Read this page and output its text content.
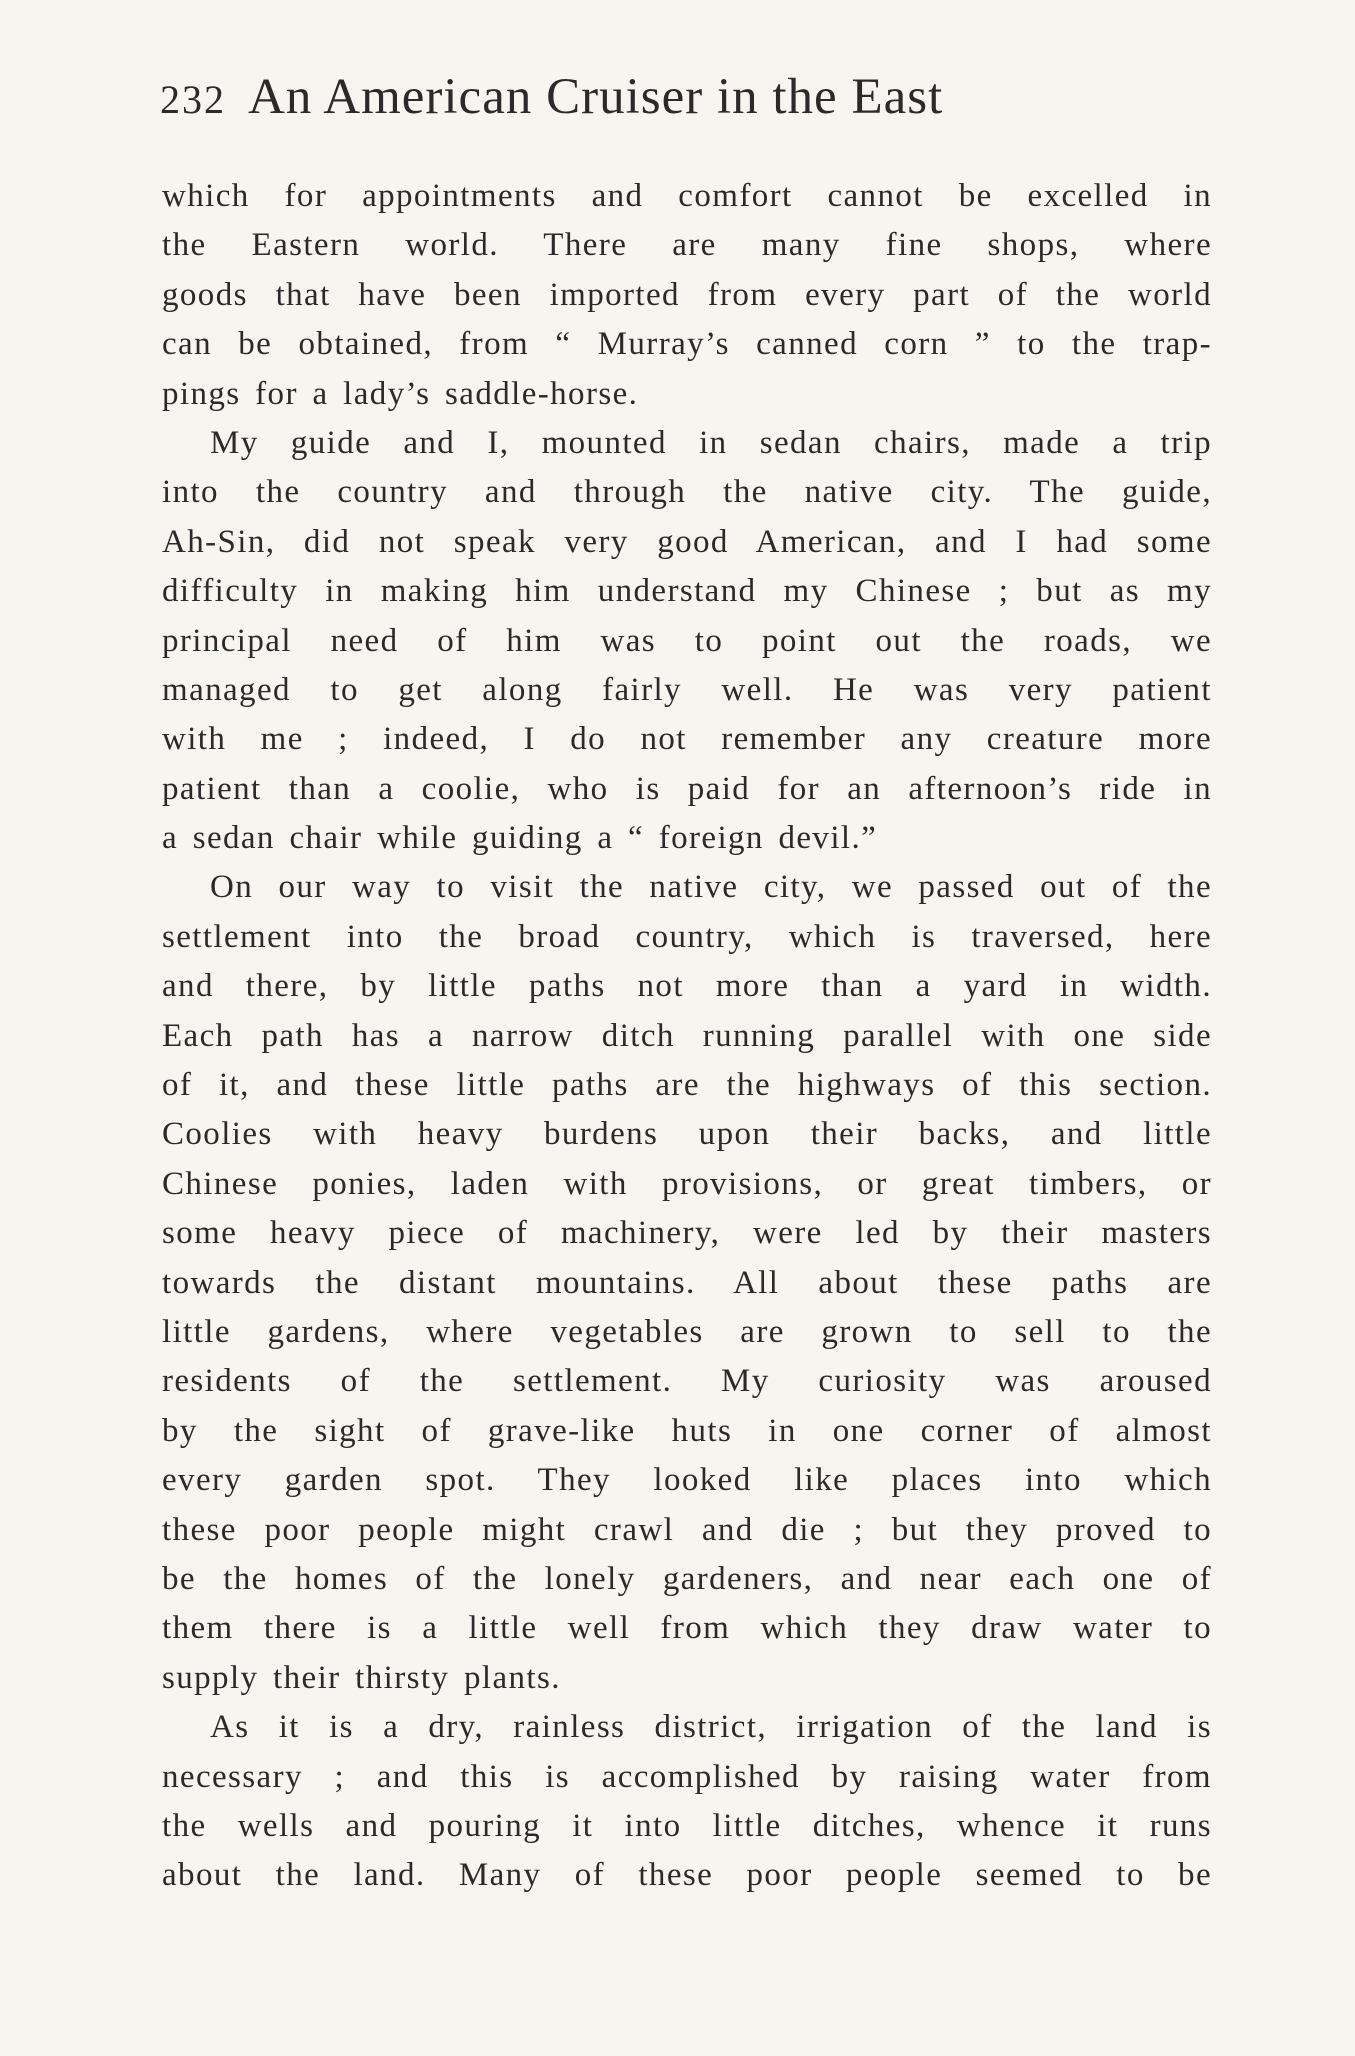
232 An American Cruiser in the East
which for appointments and comfort cannot be excelled in
the Eastern world. There are many fine shops, where
goods that have been imported from every part of the world
can be obtained, from “ Murray’s canned corn ” to the trap-
pings for a lady’s saddle-horse.
My guide and I, mounted in sedan chairs, made a trip
into the country and through the native city. The guide,
Ah-Sin, did not speak very good American, and I had some
difficulty in making him understand my Chinese ; but as my
principal need of him was to point out the roads, we
managed to get along fairly well. He was very patient
with me ; indeed, I do not remember any creature more
patient than a coolie, who is paid for an afternoon’s ride in
a sedan chair while guiding a “ foreign devil.”
On our way to visit the native city, we passed out of the
settlement into the broad country, which is traversed, here
and there, by little paths not more than a yard in width.
Each path has a narrow ditch running parallel with one side
of it, and these little paths are the highways of this section.
Coolies with heavy burdens upon their backs, and little
Chinese ponies, laden with provisions, or great timbers, or
some heavy piece of machinery, were led by their masters
towards the distant mountains. All about these paths are
little gardens, where vegetables are grown to sell to the
residents of the settlement. My curiosity was aroused
by the sight of grave-like huts in one corner of almost
every garden spot. They looked like places into which
these poor people might crawl and die ; but they proved to
be the homes of the lonely gardeners, and near each one of
them there is a little well from which they draw water to
supply their thirsty plants.
As it is a dry, rainless district, irrigation of the land is
necessary ; and this is accomplished by raising water from
the wells and pouring it into little ditches, whence it runs
about the land. Many of these poor people seemed to be
